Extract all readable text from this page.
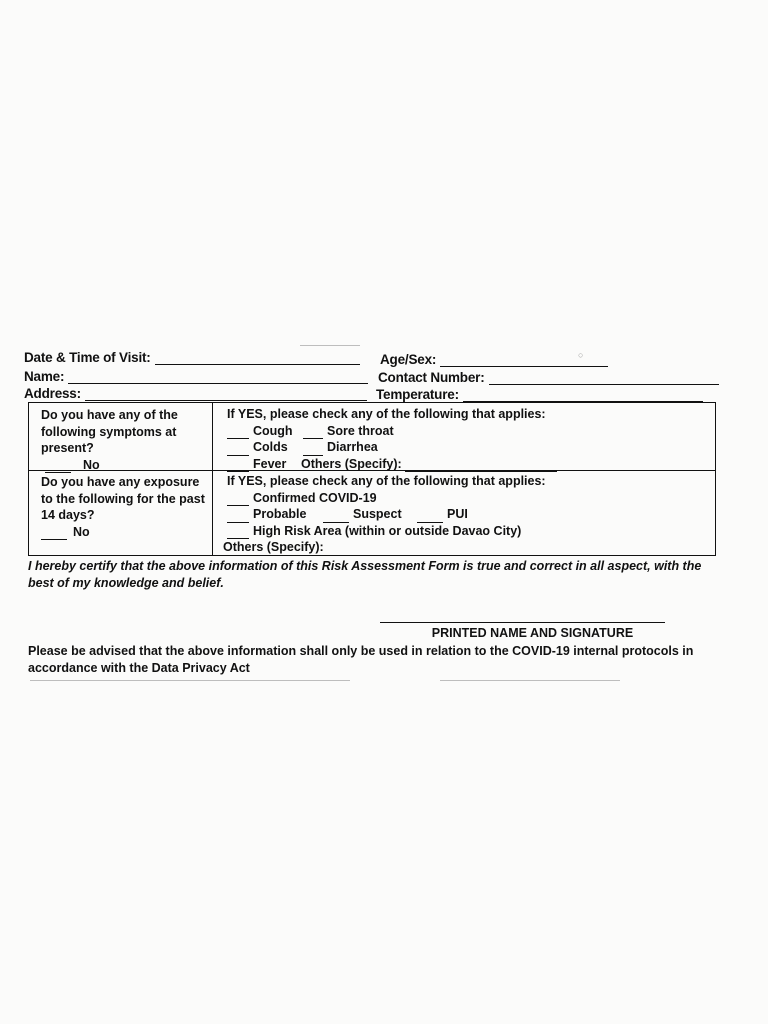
○
Date & Time of Visit:	Age/Sex:
Name:	Contact Number:
Address:	Temperature:
Do you have any of the following symptoms at present?
No
If YES, please check any of the following that applies:
Cough	Sore throat
Colds	Diarrhea
Fever	Others (Specify):
Do you have any exposure to the following for the past 14 days?
No
If YES, please check any of the following that applies:
Confirmed COVID-19
Probable	Suspect	PUI
High Risk Area (within or outside Davao City)
Others (Specify):
I hereby certify that the above information of this Risk Assessment Form is true and correct in all aspect, with the best of my knowledge and belief.
PRINTED NAME AND SIGNATURE
Please be advised that the above information shall only be used in relation to the COVID-19 internal protocols in accordance with the Data Privacy Act
